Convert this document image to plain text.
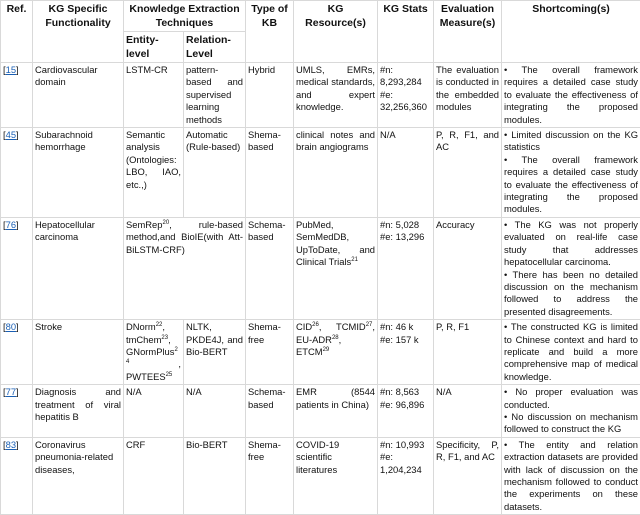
Ref.	KG Specific Functionality	Knowledge Extraction Techniques		Type of KB	KG Resource(s)	KG Stats	Evaluation Measure(s)	Shortcoming(s)
		Entity-level	Relation-Level					
[15]	Cardiovascular domain	LSTM-CR	pattern-based and supervised learning methods	Hybrid	UMLS, EMRs, medical standards, and expert knowledge.	#n: 8,293,284
#e: 32,256,360	The evaluation is conducted in the embedded modules	• The overall framework requires a detailed case study to evaluate the effectiveness of integrating the proposed modules.

[45]	Subarachnoid hemorrhage	Semantic analysis (Ontologies: LBO, IAO, etc.,)	Automatic (Rule-based)	Shema-based	clinical notes and brain angiograms	N/A	P, R, F1, and AC	• Limited discussion on the KG statistics
• The overall framework requires a detailed case study to evaluate the effectiveness of integrating the proposed modules.

[76]	Hepatocellular carcinoma	SemRep$^{20}$, rule-based method,and BioIE(with Att-BiLSTM-CRF)		Schema-based	PubMed, SemMedDB, UpToDate, and Clinical Trials$^{21}$	#n: 5,028
#e: 13,296	Accuracy	• The KG was not properly evaluated on real-life case study that addresses hepatocellular carcinoma.
• There has been no detailed discussion on the mechanism followed to address the presented disagreements.

[80]	Stroke	DNorm$^{22}$, tmChem$^{23}$, GNormPlus$^{24}$ , PWTEES$^{25}$	NLTK, PKDE4J, and Bio-BERT	Shema-free	CID$^{26}$, TCMID$^{27}$, EU-ADR$^{28}$, ETCM$^{29}$	#n: 46 k
#e: 157 k	P, R, F1	• The constructed KG is limited to Chinese context and hard to replicate and build a more comprehensive map of medical knowledge.

[77]	Diagnosis and treatment of viral hepatitis B	N/A	N/A	Schema-based	EMR (8544 patients in China)	#n: 8,563
#e: 96,896	N/A	• No proper evaluation was conducted.
• No discussion on mechanism followed to construct the KG

[83]	Coronavirus pneumonia-related diseases,	CRF	Bio-BERT	Shema-free	COVID-19 scientific literatures	#n: 10,993
#e:
1,204,234	Specificity, P, R, F1, and AC	• The entity and relation extraction datasets are provided with lack of discussion on the mechanism followed to conduct the experiments on these datasets.
